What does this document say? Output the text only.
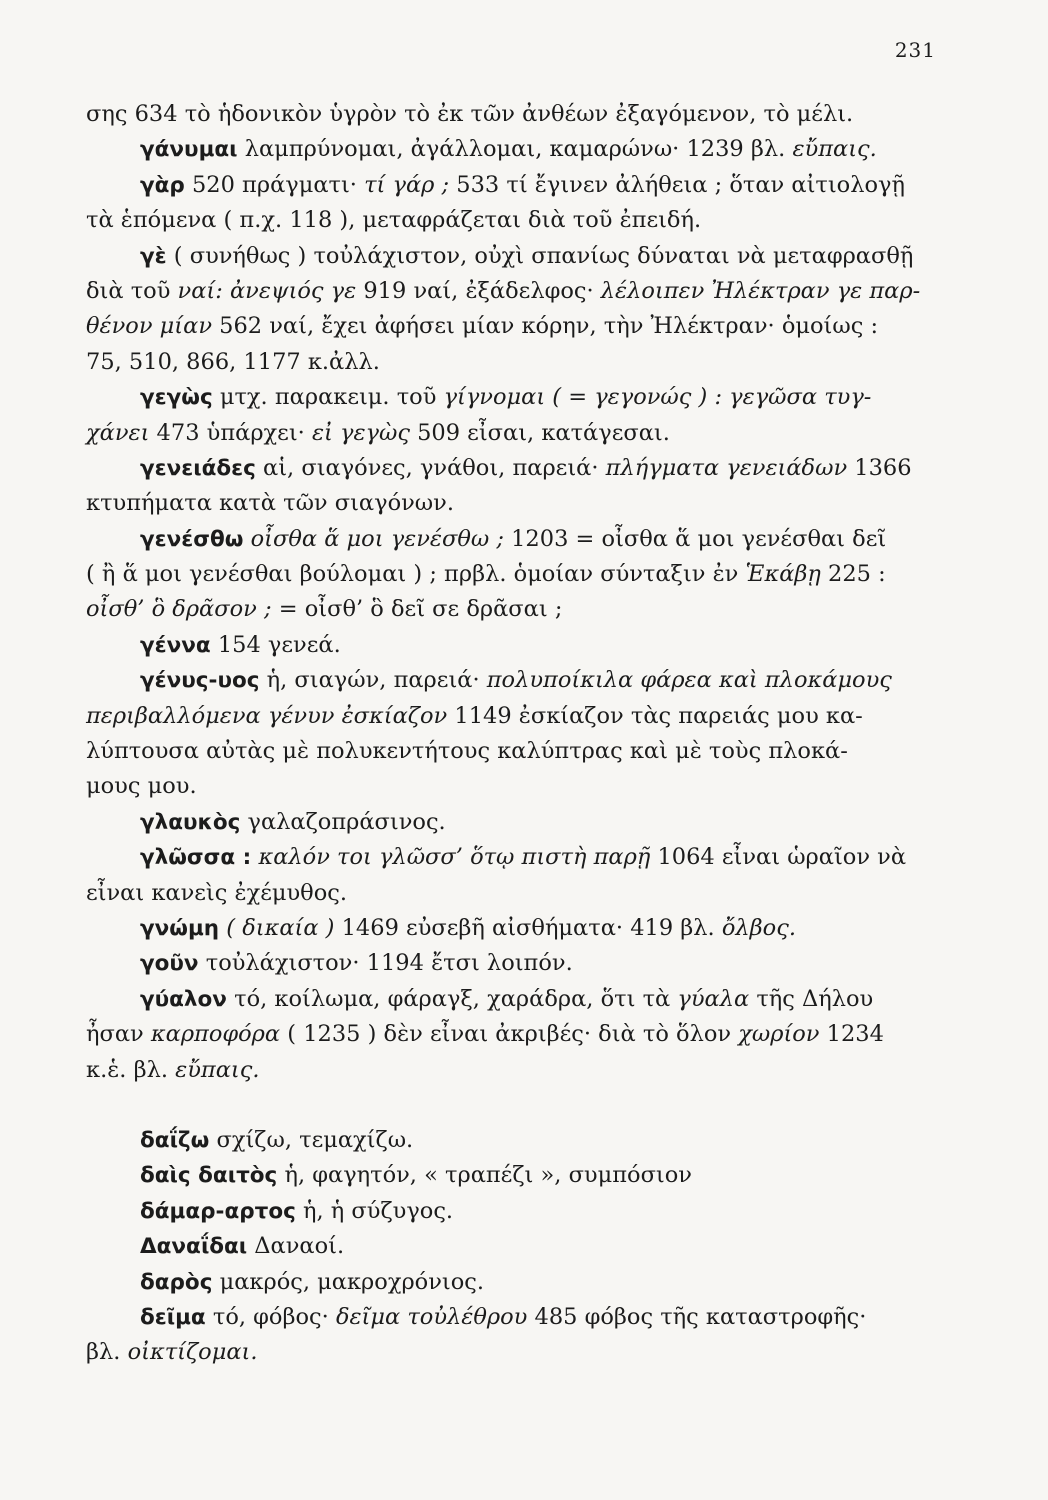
231
σης 634 τὸ ἡδονικὸν ὑγρὸν τὸ ἐκ τῶν ἀνθέων ἐξαγόμενον, τὸ μέλι.
γάνυμαι λαμπρύνομαι, ἀγάλλομαι, καμαρώνω· 1239 βλ. εὔπαις.
γὰρ 520 πράγματι· τί γάρ ; 533 τί ἔγινεν ἀλήθεια ; ὅταν αἰτιολογῇ
τὰ ἑπόμενα ( π.χ. 118 ), μεταφράζεται διὰ τοῦ ἐπειδή.
γὲ ( συνήθως ) τοὐλάχιστον, οὐχὶ σπανίως δύναται νὰ μεταφρασθῇ
διὰ τοῦ ναί: ἀνεψιός γε 919 ναί, ἐξάδελφος· λέλοιπεν Ἠλέκτραν γε παρ-
θένον μίαν 562 ναί, ἔχει ἀφήσει μίαν κόρην, τὴν Ἠλέκτραν· ὁμοίως :
75, 510, 866, 1177 κ.ἀλλ.
γεγὼς μτχ. παρακειμ. τοῦ γίγνομαι ( = γεγονώς ) : γεγῶσα τυγ-
χάνει 473 ὑπάρχει· εἰ γεγὼς 509 εἶσαι, κατάγεσαι.
γενειάδες αἱ, σιαγόνες, γνάθοι, παρειά· πλήγματα γενειάδων 1366
κτυπήματα κατὰ τῶν σιαγόνων.
γενέσθω οἶσθα ἅ μοι γενέσθω ; 1203 = οἶσθα ἅ μοι γενέσθαι δεῖ
( ἢ ἅ μοι γενέσθαι βούλομαι ) ; πρβλ. ὁμοίαν σύνταξιν ἐν Ἑκάβῃ 225 :
οἶσθ’ ὃ δρᾶσον ; = οἶσθ’ ὃ δεῖ σε δρᾶσαι ;
γέννα 154 γενεά.
γένυς-υος ἡ, σιαγών, παρειά· πολυποίκιλα φάρεα καὶ πλοκάμους
περιβαλλόμενα γένυν ἐσκίαζον 1149 ἐσκίαζον τὰς παρειάς μου κα-
λύπτουσα αὐτὰς μὲ πολυκεντήτους καλύπτρας καὶ μὲ τοὺς πλοκά-
μους μου.
γλαυκὸς γαλαζοπράσινος.
γλῶσσα : καλόν τοι γλῶσσ’ ὅτῳ πιστὴ παρῇ 1064 εἶναι ὡραῖον νὰ
εἶναι κανεὶς ἐχέμυθος.
γνώμη ( δικαία ) 1469 εὐσεβῆ αἰσθήματα· 419 βλ. ὄλβος.
γοῦν τοὐλάχιστον· 1194 ἔτσι λοιπόν.
γύαλον τό, κοίλωμα, φάραγξ, χαράδρα, ὅτι τὰ γύαλα τῆς Δήλου
ἦσαν καρποφόρα ( 1235 ) δὲν εἶναι ἀκριβές· διὰ τὸ ὅλον χωρίον 1234
κ.ἑ. βλ. εὔπαις.
δαΐζω σχίζω, τεμαχίζω.
δαὶς δαιτὸς ἡ, φαγητόν, « τραπέζι », συμπόσιον
δάμαρ-αρτος ἡ, ἡ σύζυγος.
Δαναΐδαι Δαναοί.
δαρὸς μακρός, μακροχρόνιος.
δεῖμα τό, φόβος· δεῖμα τοὐλέθρου 485 φόβος τῆς καταστροφῆς·
βλ. οἰκτίζομαι.
